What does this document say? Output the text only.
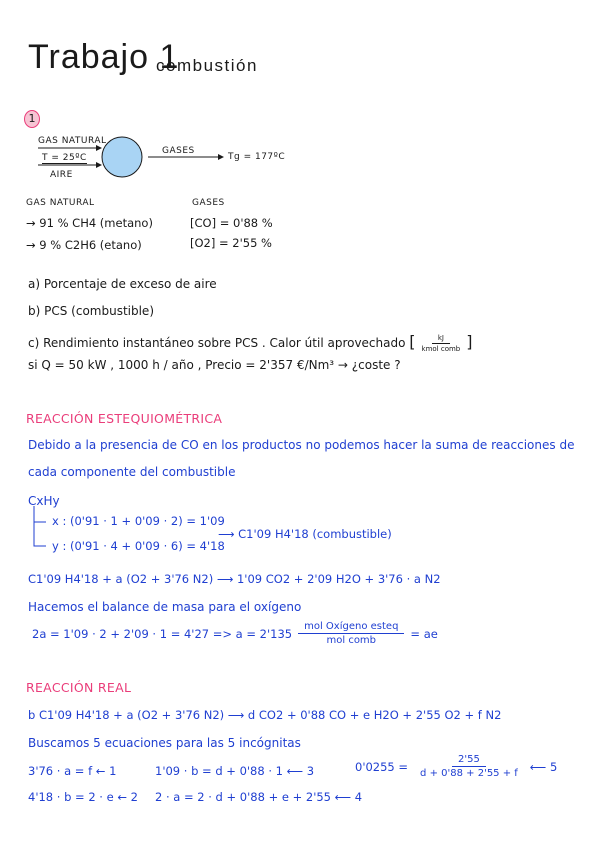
Trabajo 1
combustión
1
GAS NATURAL
T = 25ºC
AIRE
GASES
Tg = 177ºC
GAS NATURAL
→ 91 % CH4 (metano)
→ 9 % C2H6 (etano)
GASES
[CO] = 0'88 %
[O2] = 2'55 %
a) Porcentaje de exceso de aire
b) PCS (combustible)
c) Rendimiento instantáneo sobre PCS . Calor útil aprovechado [ $\frac{kJ}{\text{kmol comb}}$ ]
si Q = 50 kW , 1000 h / año , Precio = 2'357 €/Nm³ → ¿coste ?
REACCIÓN ESTEQUIOMÉTRICA
Debido a la presencia de CO en los productos no podemos hacer la suma de reacciones de
cada componente del combustible
CxHy
x : (0'91 · 1 + 0'09 · 2) = 1'09
y : (0'91 · 4 + 0'09 · 6) = 4'18
⟶ C1'09 H4'18 (combustible)
C1'09 H4'18 + a (O2 + 3'76 N2) ⟶ 1'09 CO2 + 2'09 H2O + 3'76 · a N2
Hacemos el balance de masa para el oxígeno
$2a = 1'09 \cdot 2 + 2'09 \cdot 1 = 4'27 => a = 2'135 \frac{\text{mol Oxígeno esteq}}{\text{mol comb}}$ = ae
REACCIÓN REAL
b C1'09 H4'18 + a (O2 + 3'76 N2) ⟶ d CO2 + 0'88 CO + e H2O + 2'55 O2 + f N2
Buscamos 5 ecuaciones para las 5 incógnitas
3'76 · a = f ← 1	1'09 · b = d + 0'88 · 1 ⟵ 3	$0'0255 = \frac{2'55}{d + 0'88 + 2'55 + f}$ ⟵ 5
4'18 · b = 2 · e ← 2 2 · a = 2 · d + 0'88 + e + 2'55 ⟵ 4
